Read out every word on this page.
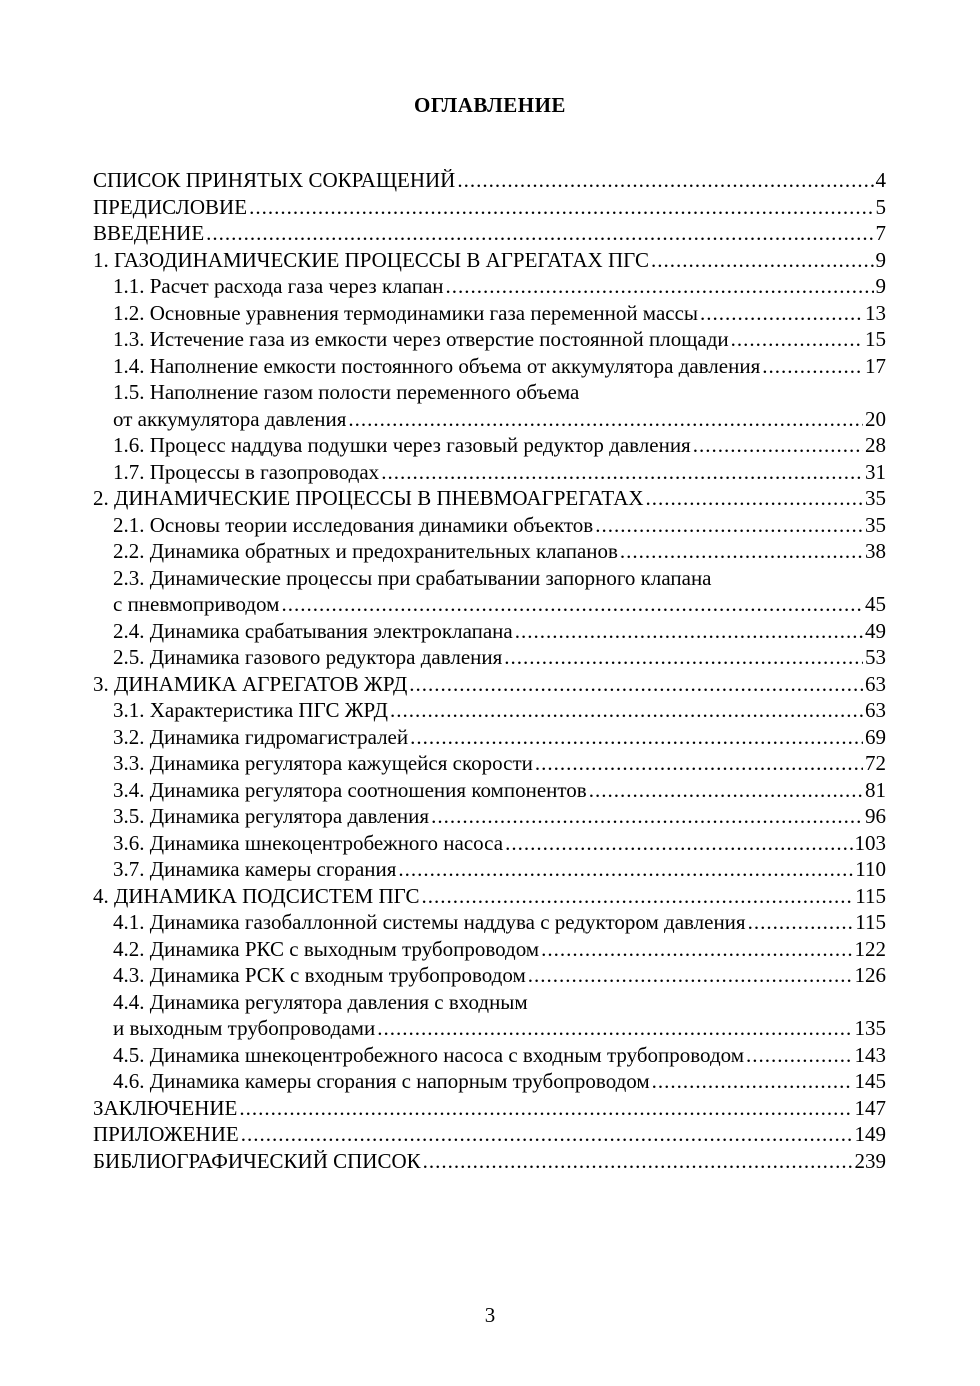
ОГЛАВЛЕНИЕ
СПИСОК ПРИНЯТЫХ СОКРАЩЕНИЙ .....	4
ПРЕДИСЛОВИЕ .....	5
ВВЕДЕНИЕ .....	7
1. ГАЗОДИНАМИЧЕСКИЕ ПРОЦЕССЫ В АГРЕГАТАХ ПГС .....	9
1.1. Расчет расхода газа через клапан .....	9
1.2. Основные уравнения термодинамики газа переменной массы .....	13
1.3. Истечение газа из емкости через отверстие постоянной площади .....	15
1.4. Наполнение емкости постоянного объема от аккумулятора давления .....	17
1.5. Наполнение газом полости переменного объема
от аккумулятора давления .....	20
1.6. Процесс наддува подушки через газовый редуктор давления .....	28
1.7. Процессы в газопроводах .....	31
2. ДИНАМИЧЕСКИЕ ПРОЦЕССЫ В ПНЕВМОАГРЕГАТАХ .....	35
2.1. Основы теории исследования динамики объектов .....	35
2.2. Динамика обратных и предохранительных клапанов .....	38
2.3. Динамические процессы при срабатывании запорного клапана
с пневмоприводом .....	45
2.4. Динамика срабатывания электроклапана .....	49
2.5. Динамика газового редуктора давления .....	53
3. ДИНАМИКА АГРЕГАТОВ ЖРД .....	63
3.1. Характеристика ПГС ЖРД .....	63
3.2. Динамика гидромагистралей .....	69
3.3. Динамика регулятора кажущейся скорости .....	72
3.4. Динамика регулятора соотношения компонентов .....	81
3.5. Динамика регулятора давления .....	96
3.6. Динамика шнекоцентробежного насоса .....	103
3.7. Динамика камеры сгорания .....	110
4. ДИНАМИКА ПОДСИСТЕМ ПГС .....	115
4.1. Динамика газобаллонной системы наддува с редуктором давления .....	115
4.2. Динамика РКС с выходным трубопроводом .....	122
4.3. Динамика РСК с входным трубопроводом .....	126
4.4. Динамика регулятора давления с входным
и выходным трубопроводами .....	135
4.5. Динамика шнекоцентробежного насоса с входным трубопроводом .....	143
4.6. Динамика камеры сгорания с напорным трубопроводом .....	145
ЗАКЛЮЧЕНИЕ .....	147
ПРИЛОЖЕНИЕ .....	149
БИБЛИОГРАФИЧЕСКИЙ СПИСОК .....	239
3
